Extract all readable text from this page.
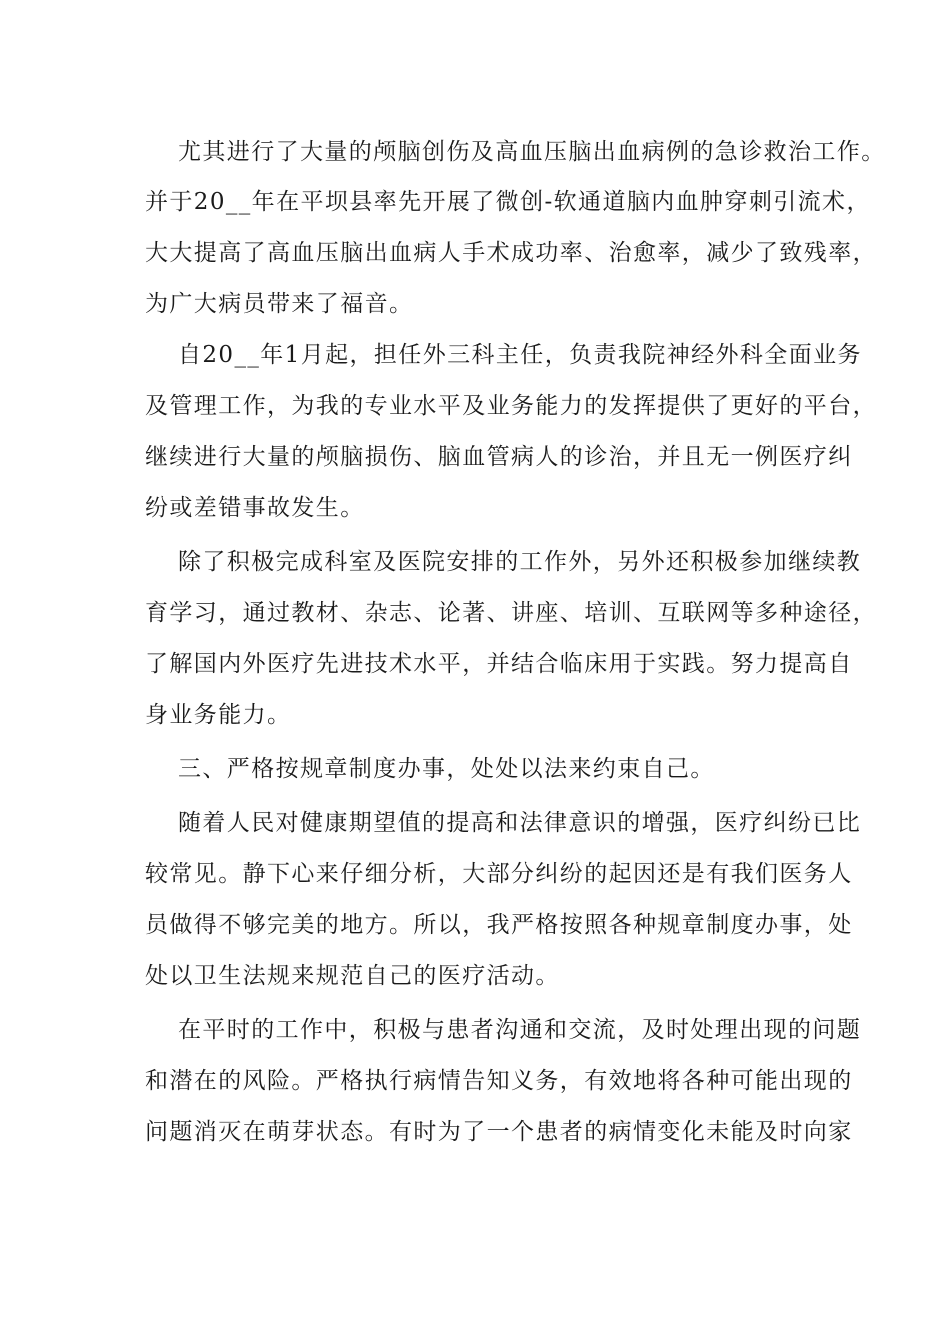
尤其进行了大量的颅脑创伤及高血压脑出血病例的急诊救治工作。

并于20__年在平坝县率先开展了微创-软通道脑内血肿穿刺引流术，

大大提高了高血压脑出血病人手术成功率、治愈率，减少了致残率，

为广大病员带来了福音。

自20__年1月起，担任外三科主任，负责我院神经外科全面业务

及管理工作，为我的专业水平及业务能力的发挥提供了更好的平台，

继续进行大量的颅脑损伤、脑血管病人的诊治，并且无一例医疗纠

纷或差错事故发生。

除了积极完成科室及医院安排的工作外，另外还积极参加继续教

育学习，通过教材、杂志、论著、讲座、培训、互联网等多种途径，

了解国内外医疗先进技术水平，并结合临床用于实践。努力提高自

身业务能力。

三、严格按规章制度办事，处处以法来约束自己。

随着人民对健康期望值的提高和法律意识的增强，医疗纠纷已比

较常见。静下心来仔细分析，大部分纠纷的起因还是有我们医务人

员做得不够完美的地方。所以，我严格按照各种规章制度办事，处

处以卫生法规来规范自己的医疗活动。

在平时的工作中，积极与患者沟通和交流，及时处理出现的问题

和潜在的风险。严格执行病情告知义务，有效地将各种可能出现的

问题消灭在萌芽状态。有时为了一个患者的病情变化未能及时向家
